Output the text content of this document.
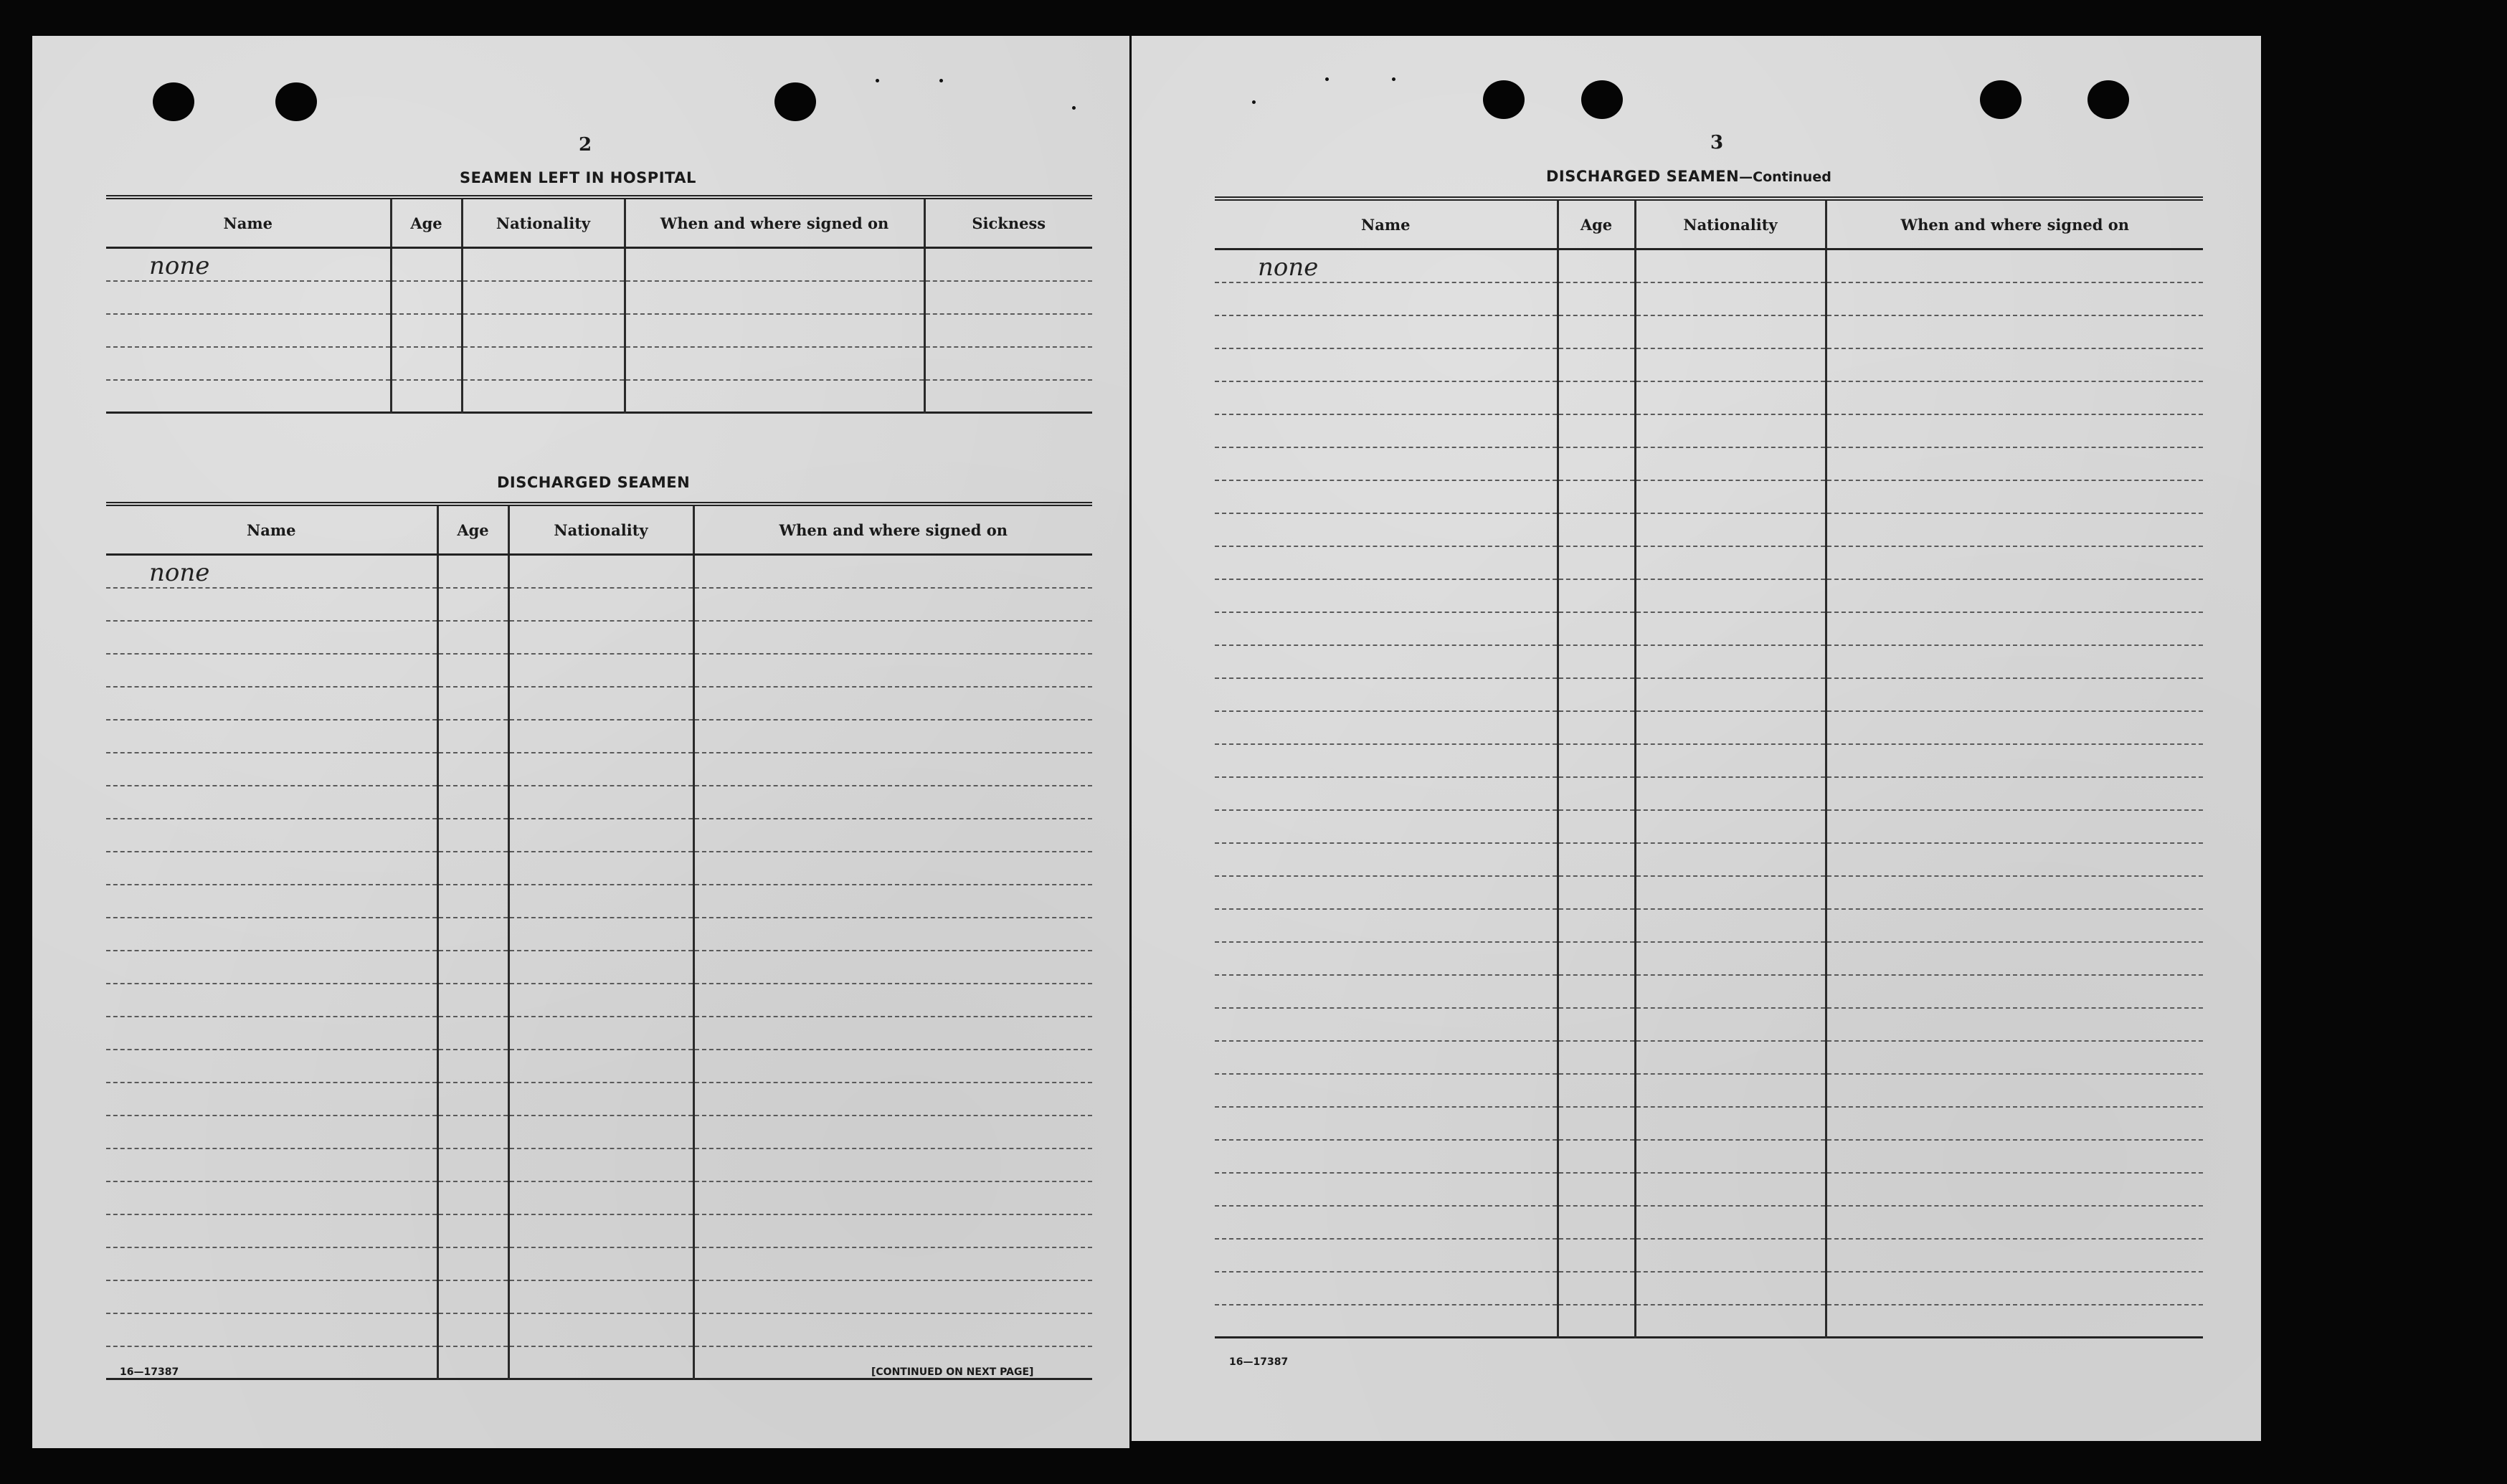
2
SEAMEN LEFT IN HOSPITAL
Name	Age	Nationality	When and where signed on	Sickness
none				

DISCHARGED SEAMEN
Name	Age	Nationality	When and where signed on
none			

16—17387	[CONTINUED ON NEXT PAGE]
3
DISCHARGED SEAMEN—Continued
Name	Age	Nationality	When and where signed on
none			

16—17387
